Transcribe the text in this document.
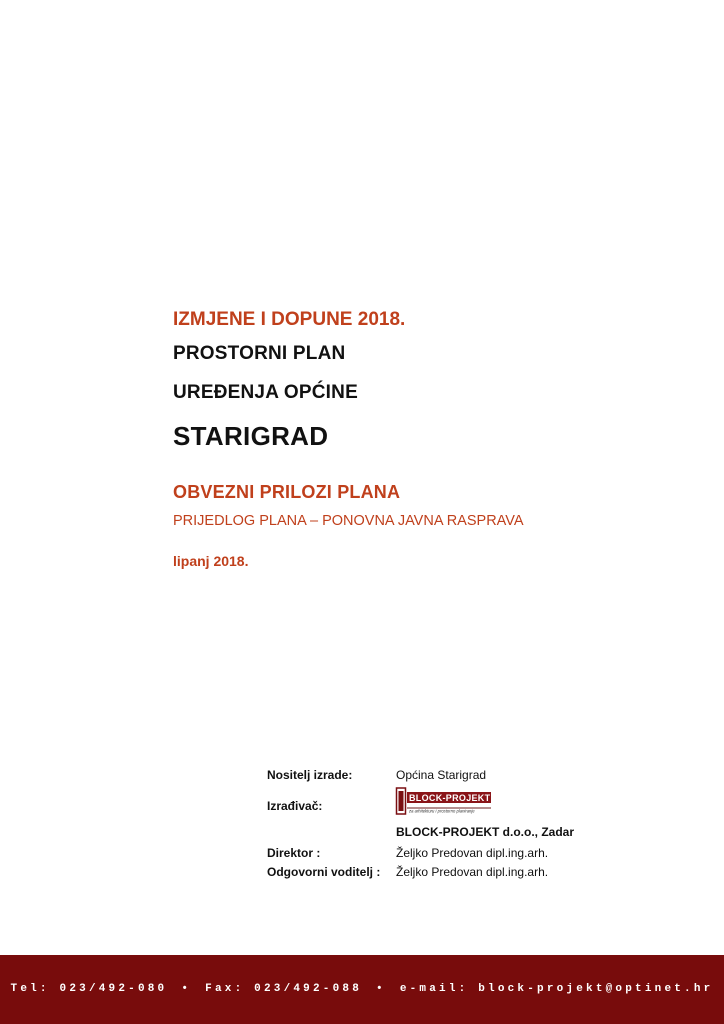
IZMJENE I DOPUNE 2018.
PROSTORNI PLAN
UREĐENJA OPĆINE
STARIGRAD
OBVEZNI PRILOZI PLANA
PRIJEDLOG PLANA – PONOVNA JAVNA RASPRAVA
lipanj 2018.
Nositelj izrade:	Općina Starigrad
Izrađivač:
BLOCK-PROJEKT d.o.o.
za arhitekturu i prostorno planiranje
BLOCK-PROJEKT d.o.o., Zadar
Direktor :	Željko Predovan dipl.ing.arh.
Odgovorni voditelj : Željko Predovan dipl.ing.arh.
Tel: 023/492-080 • Fax: 023/492-088 • e-mail: block-projekt@optinet.hr
